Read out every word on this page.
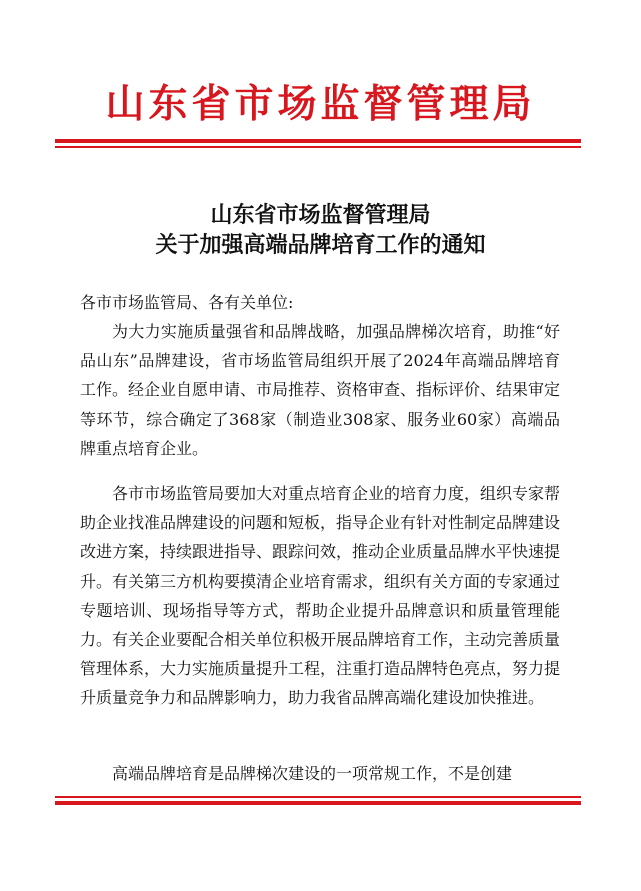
山东省市场监督管理局
山东省市场监督管理局
关于加强高端品牌培育工作的通知
各市市场监管局、各有关单位:
为大力实施质量强省和品牌战略，加强品牌梯次培育，助推“好品山东”品牌建设，省市场监管局组织开展了2024年高端品牌培育工作。经企业自愿申请、市局推荐、资格审查、指标评价、结果审定等环节，综合确定了368家（制造业308家、服务业60家）高端品牌重点培育企业。
各市市场监管局要加大对重点培育企业的培育力度，组织专家帮助企业找准品牌建设的问题和短板，指导企业有针对性制定品牌建设改进方案，持续跟进指导、跟踪问效，推动企业质量品牌水平快速提升。有关第三方机构要摸清企业培育需求，组织有关方面的专家通过专题培训、现场指导等方式，帮助企业提升品牌意识和质量管理能力。有关企业要配合相关单位积极开展品牌培育工作，主动完善质量管理体系，大力实施质量提升工程，注重打造品牌特色亮点，努力提升质量竞争力和品牌影响力，助力我省品牌高端化建设加快推进。
高端品牌培育是品牌梯次建设的一项常规工作，不是创建
